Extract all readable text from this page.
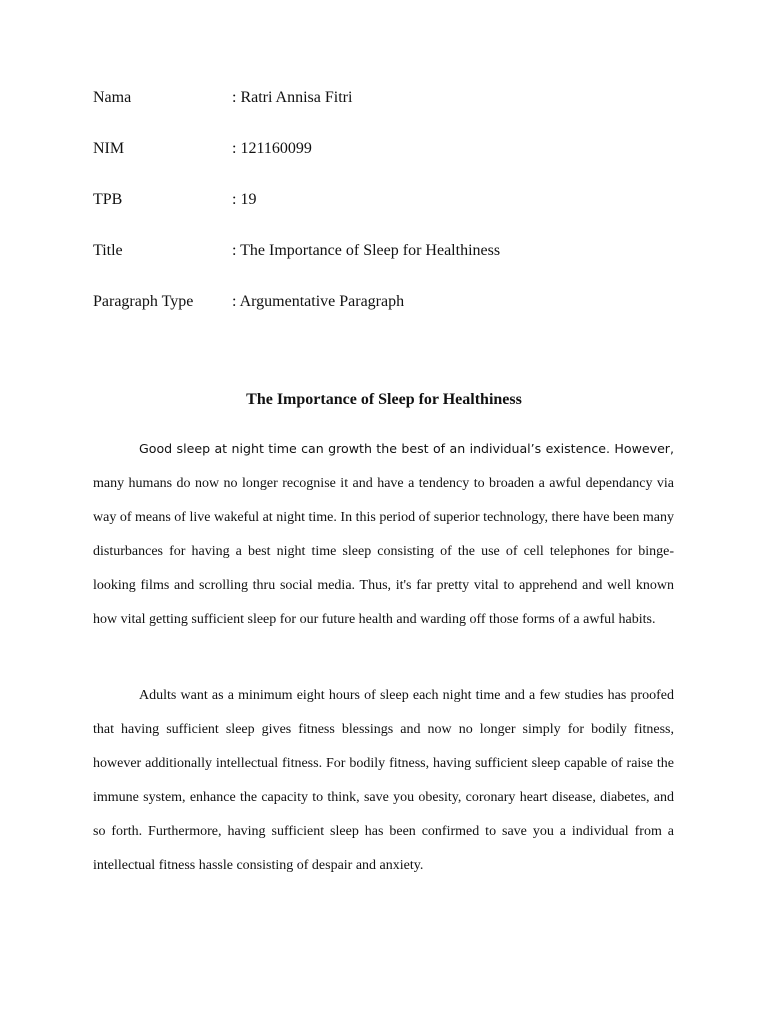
Nama	: Ratri Annisa Fitri
NIM	: 121160099
TPB	: 19
Title	: The Importance of Sleep for Healthiness
Paragraph Type : Argumentative Paragraph
The Importance of Sleep for Healthiness

Good sleep at night time can growth the best of an individual’s existence. However, many humans do now no longer recognise it and have a tendency to broaden a awful dependancy via way of means of live wakeful at night time. In this period of superior technology, there have been many disturbances for having a best night time sleep consisting of the use of cell telephones for binge-looking films and scrolling thru social media. Thus, it's far pretty vital to apprehend and well known how vital getting sufficient sleep for our future health and warding off those forms of a awful habits.

Adults want as a minimum eight hours of sleep each night time and a few studies has proofed that having sufficient sleep gives fitness blessings and now no longer simply for bodily fitness, however additionally intellectual fitness. For bodily fitness, having sufficient sleep capable of raise the immune system, enhance the capacity to think, save you obesity, coronary heart disease, diabetes, and so forth. Furthermore, having sufficient sleep has been confirmed to save you a individual from a intellectual fitness hassle consisting of despair and anxiety.
